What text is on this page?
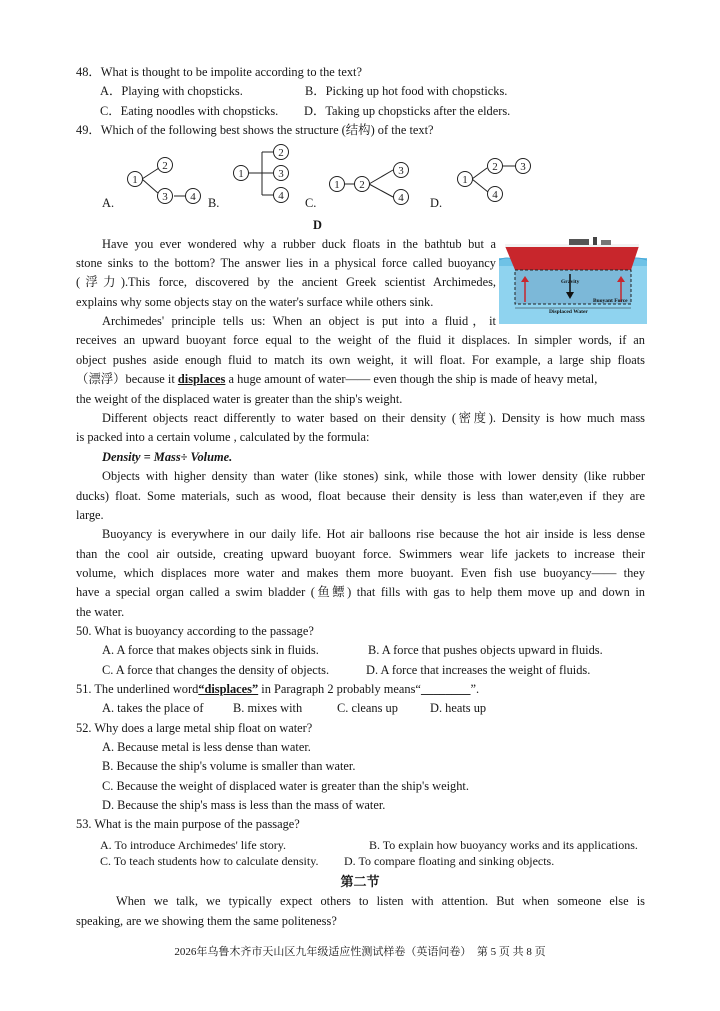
48．What is thought to be impolite according to the text?
A．Playing with chopsticks.	B．Picking up hot food with chopsticks.
C．Eating noodles with chopsticks. D．Taking up chopsticks after the elders.
49．Which of the following best shows the structure (结构) of the text?
A.	B.	C.	D.
1
2
3 4
1
2
3
4
1 2
3
4
1
2 3
4
D
Have you ever wondered why a rubber duck floats in the bathtub but a
stone sinks to the bottom? The answer lies in a physical force called buoyancy
(浮力).This force, discovered by the ancient Greek scientist Archimedes,
explains why some objects stay on the water's surface while others sink.
Archimedes' principle tells us: When an object is put into a fluid，it
Gravity
Buoyant Force
Displaced Water
receives an upward buoyant force equal to the weight of the fluid it displaces. In simpler words, if an
object pushes aside enough fluid to match its own weight, it will float. For example, a large ship floats
（漂浮）because it displaces a huge amount of water—— even though the ship is made of heavy metal,
the weight of the displaced water is greater than the ship's weight.
Different objects react differently to water based on their density (密度). Density is how much mass
is packed into a certain volume , calculated by the formula:
Density = Mass÷ Volume.
Objects with higher density than water (like stones) sink, while those with lower density (like rubber
ducks) float. Some materials, such as wood, float because their density is less than water,even if they are
large.
Buoyancy is everywhere in our daily life. Hot air balloons rise because the hot air inside is less dense
than the cool air outside, creating upward buoyant force. Swimmers wear life jackets to increase their
volume, which displaces more water and makes them more buoyant. Even fish use buoyancy—— they
have a special organ called a swim bladder (鱼鳔) that fills with gas to help them move up and down in
the water.
50. What is buoyancy according to the passage?
A. A force that makes objects sink in fluids.	B. A force that pushes objects upward in fluids.
C. A force that changes the density of objects.	D. A force that increases the weight of fluids.
51. The underlined word“displaces” in Paragraph 2 probably means“________”.
A. takes the place of B. mixes with	C. cleans up	D. heats up
52. Why does a large metal ship float on water?
A. Because metal is less dense than water.
B. Because the ship's volume is smaller than water.
C. Because the weight of displaced water is greater than the ship's weight.
D. Because the ship's mass is less than the mass of water.
53. What is the main purpose of the passage?
A. To introduce Archimedes' life story.	B. To explain how buoyancy works and its applications.
C. To teach students how to calculate density. D. To compare floating and sinking objects.
第二节
When we talk, we typically expect others to listen with attention. But when someone else is
speaking, are we showing them the same politeness?
2026年乌鲁木齐市天山区九年级适应性测试样卷（英语问卷）　第 5 页 共 8 页
